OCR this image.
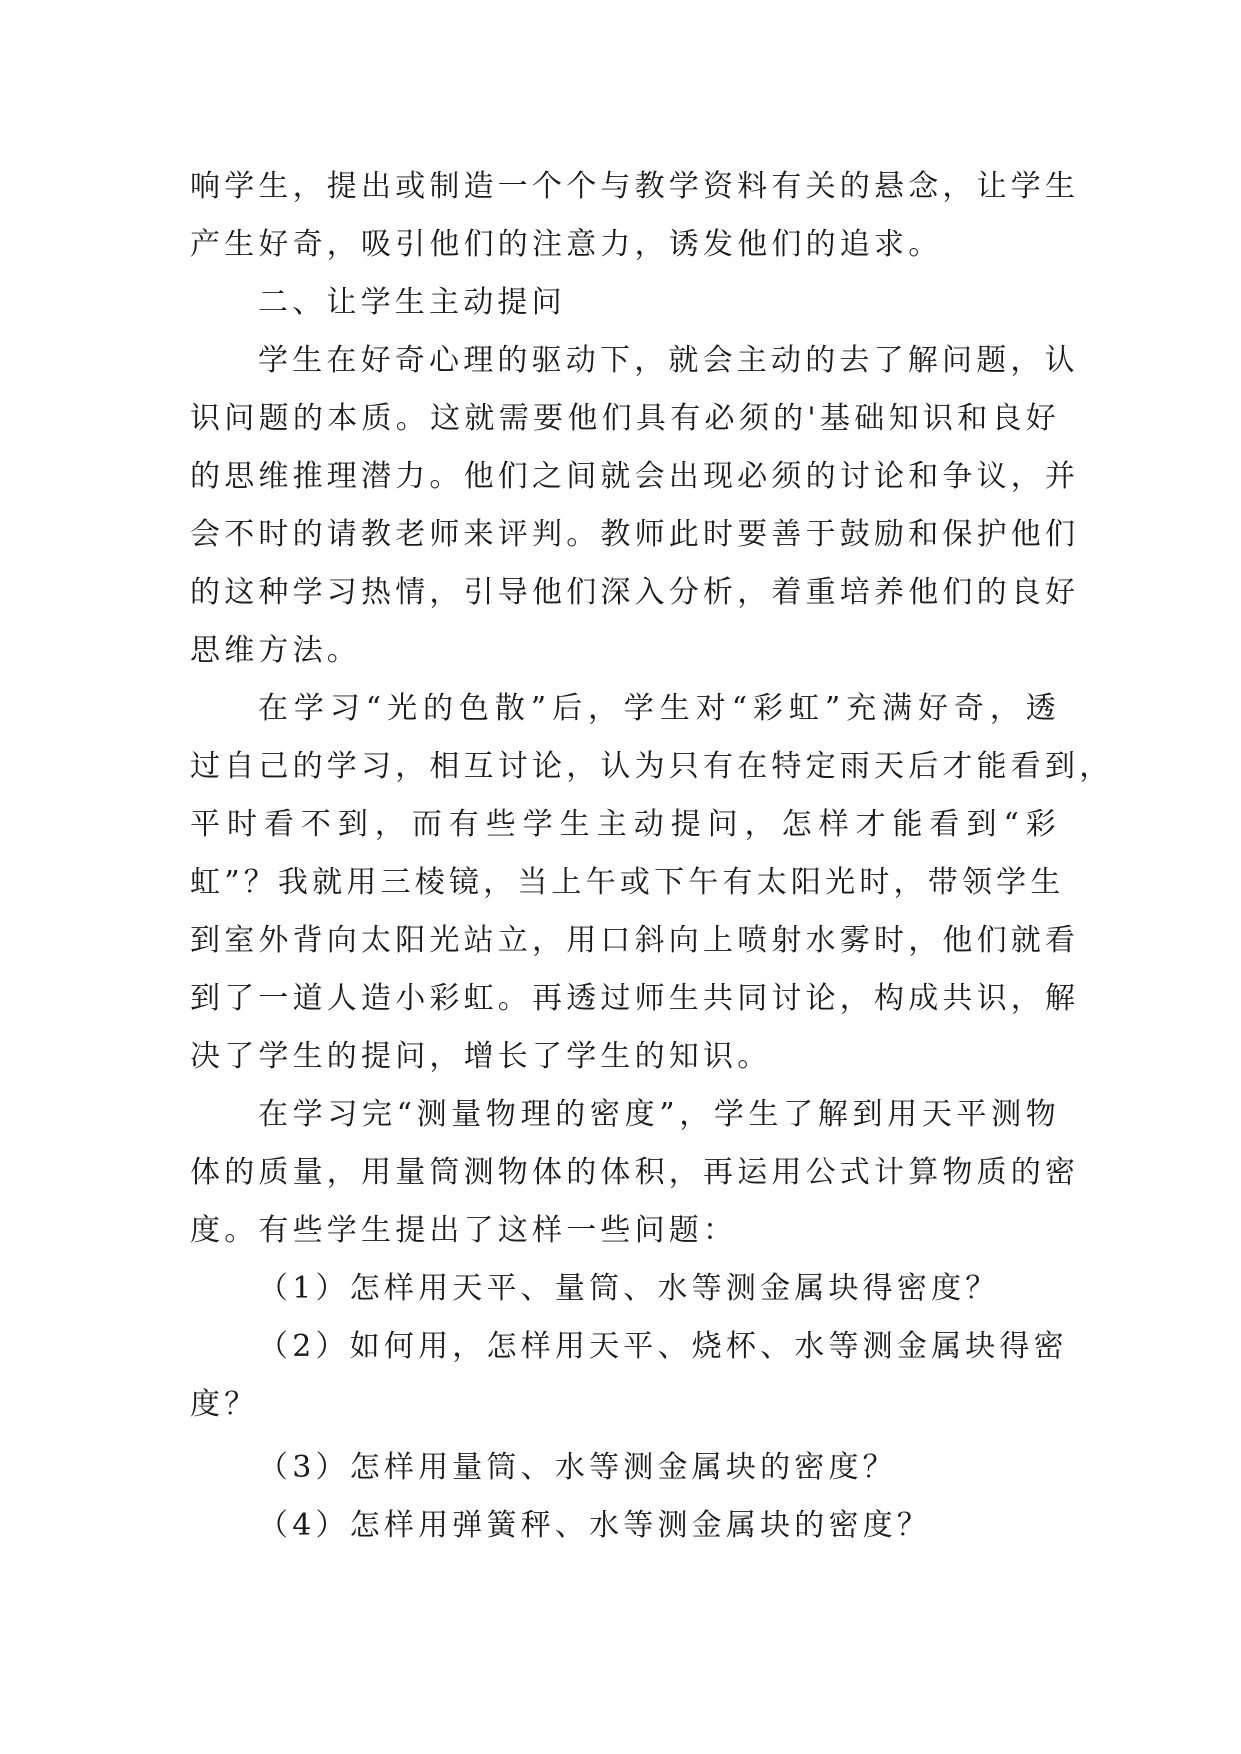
响学生，提出或制造一个个与教学资料有关的悬念，让学生
产生好奇，吸引他们的注意力，诱发他们的追求。
二、让学生主动提问
学生在好奇心理的驱动下，就会主动的去了解问题，认
识问题的本质。这就需要他们具有必须的'基础知识和良好
的思维推理潜力。他们之间就会出现必须的讨论和争议，并
会不时的请教老师来评判。教师此时要善于鼓励和保护他们
的这种学习热情，引导他们深入分析，着重培养他们的良好
思维方法。
在学习“光的色散”后，学生对“彩虹”充满好奇，透
过自己的学习，相互讨论，认为只有在特定雨天后才能看到，
平时看不到，而有些学生主动提问，怎样才能看到“彩
虹”？我就用三棱镜，当上午或下午有太阳光时，带领学生
到室外背向太阳光站立，用口斜向上喷射水雾时，他们就看
到了一道人造小彩虹。再透过师生共同讨论，构成共识，解
决了学生的提问，增长了学生的知识。
在学习完“测量物理的密度”，学生了解到用天平测物
体的质量，用量筒测物体的体积，再运用公式计算物质的密
度。有些学生提出了这样一些问题：
（1）怎样用天平、量筒、水等测金属块得密度？
（2）如何用，怎样用天平、烧杯、水等测金属块得密
度？
（3）怎样用量筒、水等测金属块的密度？
（4）怎样用弹簧秤、水等测金属块的密度？
